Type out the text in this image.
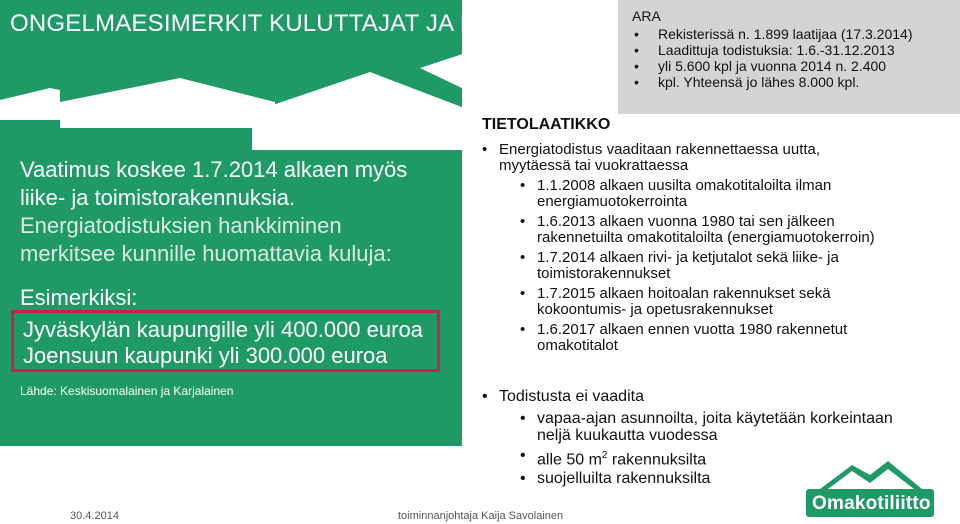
ONGELMAESIMERKIT KULUTTAJAT JA KUNNAT
Vaatimus koskee 1.7.2014 alkaen myös
liike- ja toimistorakennuksia.
Energiatodistuksien hankkiminen
merkitsee kunnille huomattavia kuluja:
Esimerkiksi:
Jyväskylän kaupungille yli 400.000 euroa
Joensuun kaupunki yli 300.000 euroa
Lähde: Keskisuomalainen ja Karjalainen
ARA
• Rekisterissä n. 1.899 laatijaa (17.3.2014)
• Laadittuja todistuksia: 1.6.-31.12.2013
• yli 5.600 kpl ja vuonna 2014 n. 2.400
• kpl. Yhteensä jo lähes 8.000 kpl.
TIETOLAATIKKO
• Energiatodistus vaaditaan rakennettaessa uutta,
myytäessä tai vuokrattaessa
• 1.1.2008 alkaen uusilta omakotitaloilta ilman
energiamuotokerrointa
• 1.6.2013 alkaen vuonna 1980 tai sen jälkeen
rakennetuilta omakotitaloilta (energiamuotokerroin)
• 1.7.2014 alkaen rivi- ja ketjutalot sekä liike- ja
toimistorakennukset
• 1.7.2015 alkaen hoitoalan rakennukset sekä
kokoontumis- ja opetusrakennukset
• 1.6.2017 alkaen ennen vuotta 1980 rakennetut
omakotitalot
• Todistusta ei vaadita
• vapaa-ajan asunnoilta, joita käytetään korkeintaan
neljä kuukautta vuodessa
• alle 50 $m^2$ rakennuksilta
• suojelluilta rakennuksilta
Omakotiliitto
30.4.2014	toiminnanjohtaja Kaija Savolainen
